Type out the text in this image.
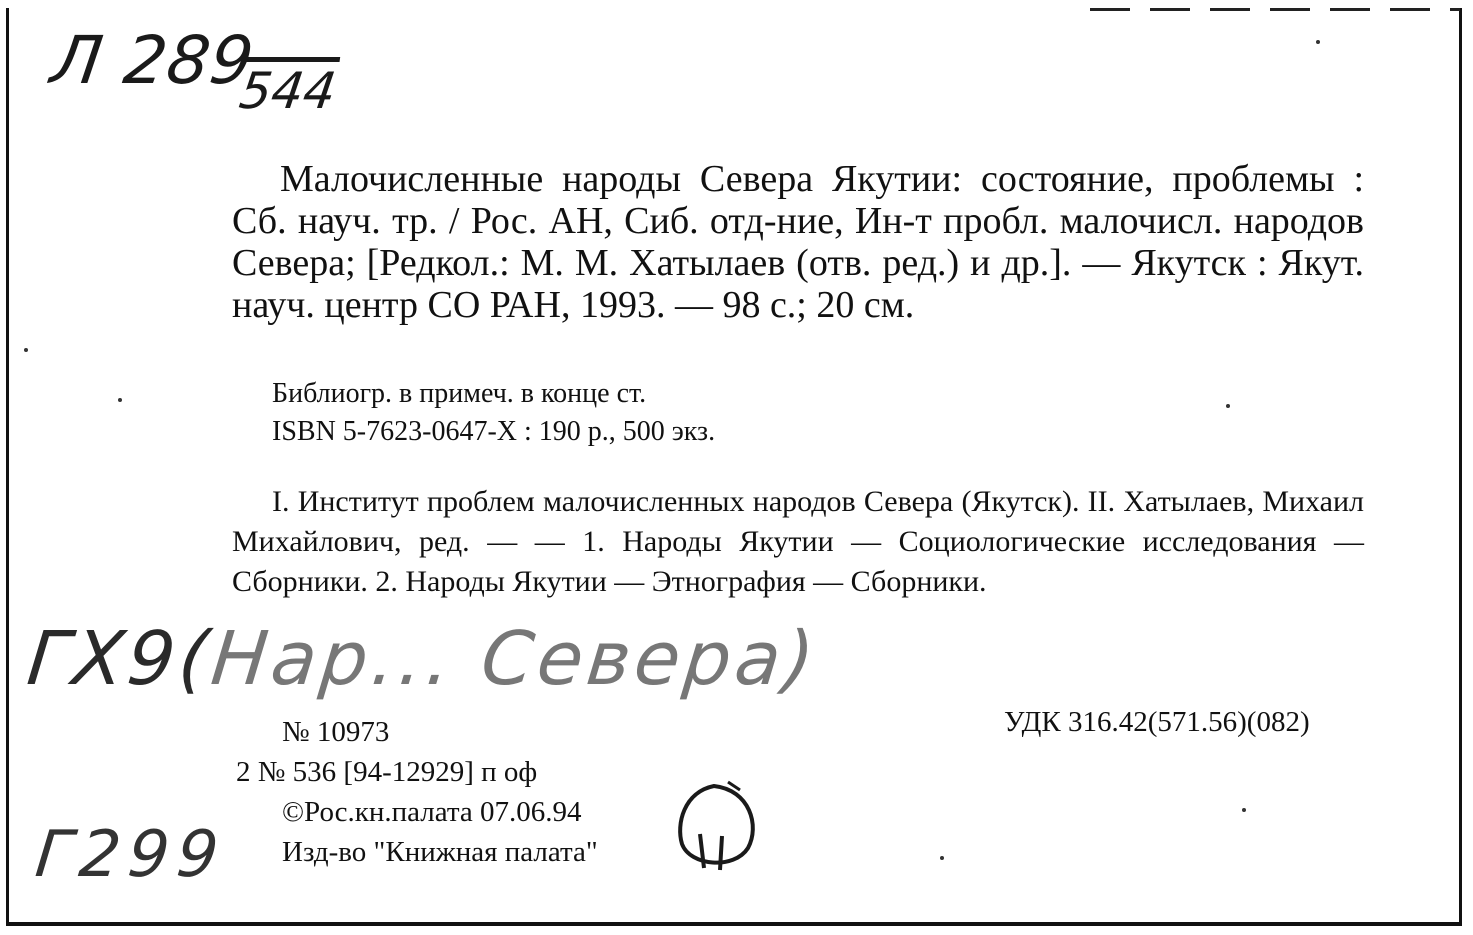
Л 289
544

Малочисленные народы Севера Якутии: состояние, проблемы : Сб. науч. тр. / Рос. АН, Сиб. отд-ние, Ин-т пробл. малочисл. народов Севера; [Редкол.: М. М. Хатылаев (отв. ред.) и др.]. — Якутск : Якут. науч. центр СО РАН, 1993. — 98 с.; 20 см.

Библиогр. в примеч. в конце ст.
ISBN 5-7623-0647-X : 190 р., 500 экз.

I. Институт проблем малочисленных народов Севера (Якутск). II. Хатылаев, Михаил Михайлович, ред. — — 1. Народы Якутии — Социологические исследования — Сборники. 2. Народы Якутии — Этнография — Сборники.

ГХ9(Нар... Севера)
№ 10973	УДК 316.42(571.56)(082)
2 № 536 [94-12929] п оф
©Рос.кн.палата 07.06.94
Изд-во "Книжная палата"
Г299
